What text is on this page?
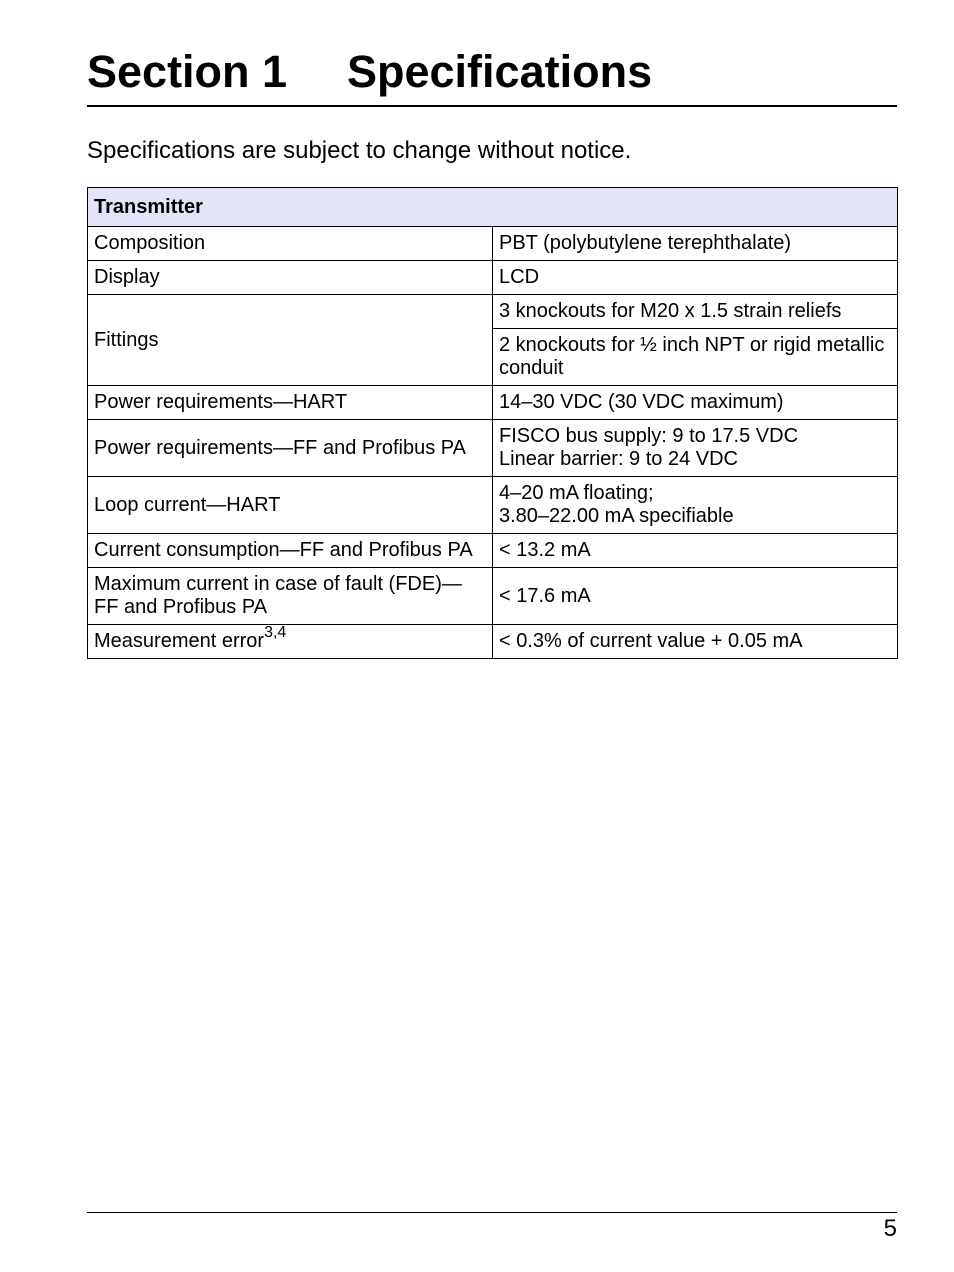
Section 1 Specifications
Specifications are subject to change without notice.
Transmitter	
Composition	PBT (polybutylene terephthalate)
Display	LCD
Fittings	3 knockouts for M20 x 1.5 strain reliefs
	2 knockouts for ½ inch NPT or rigid metallic conduit
Power requirements—HART	14–30 VDC (30 VDC maximum)
Power requirements—FF and Profibus PA	FISCO bus supply: 9 to 17.5 VDC
Linear barrier: 9 to 24 VDC

Loop current—HART	4–20 mA floating;
3.80–22.00 mA specifiable

Current consumption—FF and Profibus PA	< 13.2 mA
Maximum current in case of fault (FDE)—FF and Profibus PA	< 17.6 mA
Measurement error$^{3,4}$	< 0.3% of current value + 0.05 mA
5
